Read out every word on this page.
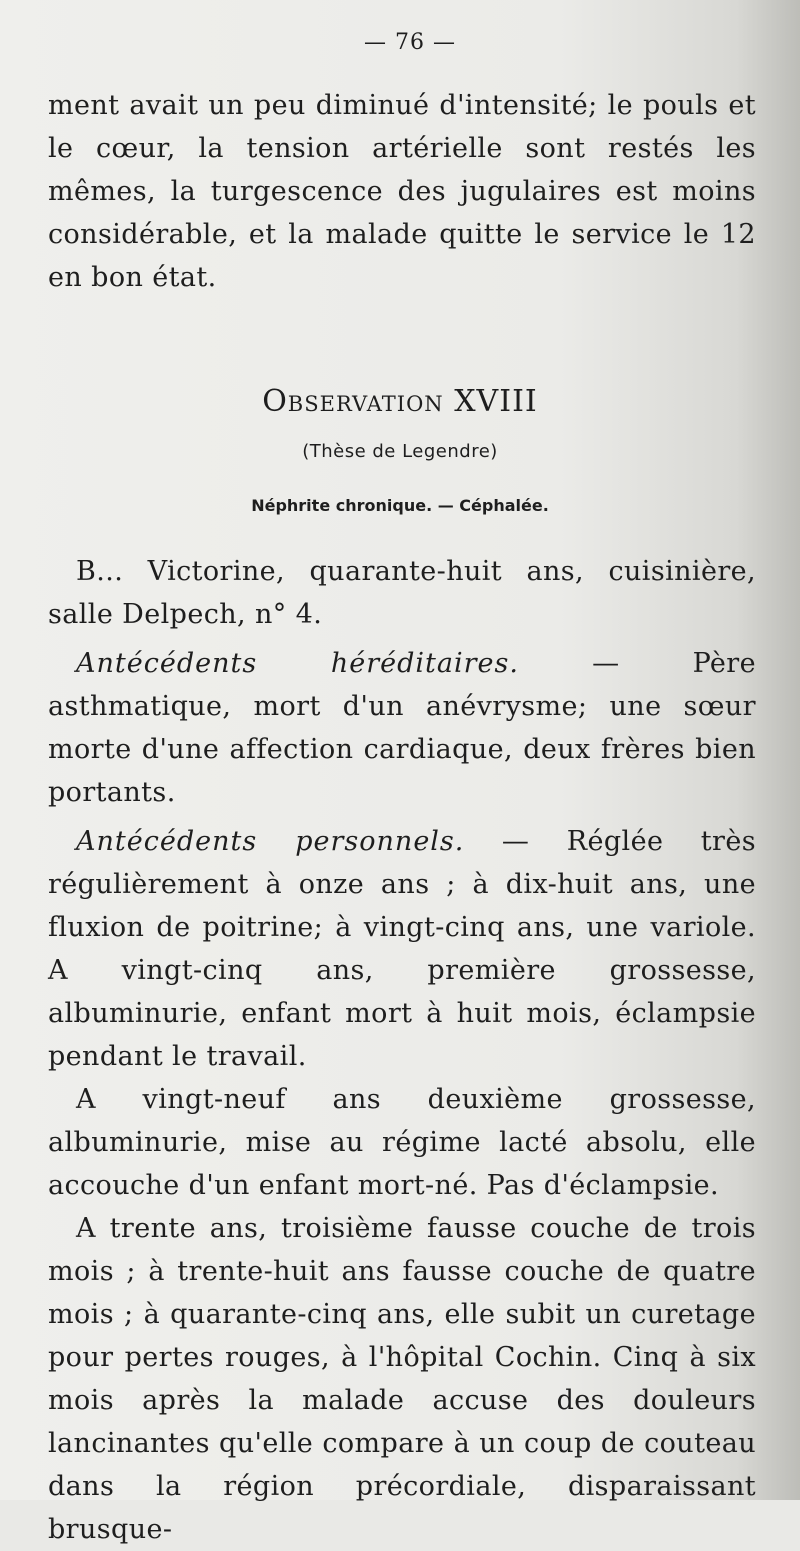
— 76 —

ment avait un peu diminué d'intensité; le pouls et le cœur, la tension artérielle sont restés les mêmes, la turgescence des jugulaires est moins considérable, et la malade quitte le service le 12 en bon état.

Observation XVIII

(Thèse de Legendre)
Néphrite chronique. — Céphalée.

B... Victorine, quarante-huit ans, cuisinière, salle Delpech, n° 4.

Antécédents héréditaires. — Père asthmatique, mort d'un anévrysme; une sœur morte d'une affection cardiaque, deux frères bien portants.

Antécédents personnels. — Réglée très régulièrement à onze ans ; à dix-huit ans, une fluxion de poitrine; à vingt-cinq ans, une variole. A vingt-cinq ans, première grossesse, albuminurie, enfant mort à huit mois, éclampsie pendant le travail.

A vingt-neuf ans deuxième grossesse, albuminurie, mise au régime lacté absolu, elle accouche d'un enfant mort-né. Pas d'éclampsie.

A trente ans, troisième fausse couche de trois mois ; à trente-huit ans fausse couche de quatre mois ; à quarante-cinq ans, elle subit un curetage pour pertes rouges, à l'hôpital Cochin. Cinq à six mois après la malade accuse des douleurs lancinantes qu'elle compare à un coup de couteau dans la région précordiale, disparaissant brusque-
